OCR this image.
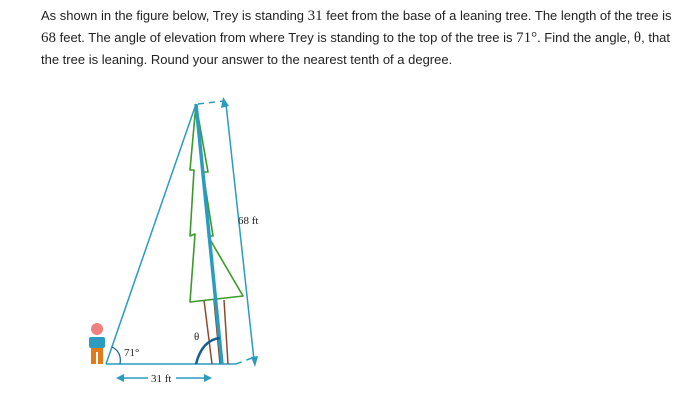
As shown in the figure below, Trey is standing 31 feet from the base of a leaning tree. The length of the tree is 68 feet. The angle of elevation from where Trey is standing to the top of the tree is 71°. Find the angle, θ, that the tree is leaning. Round your answer to the nearest tenth of a degree.

71°
θ
68 ft
31 ft
